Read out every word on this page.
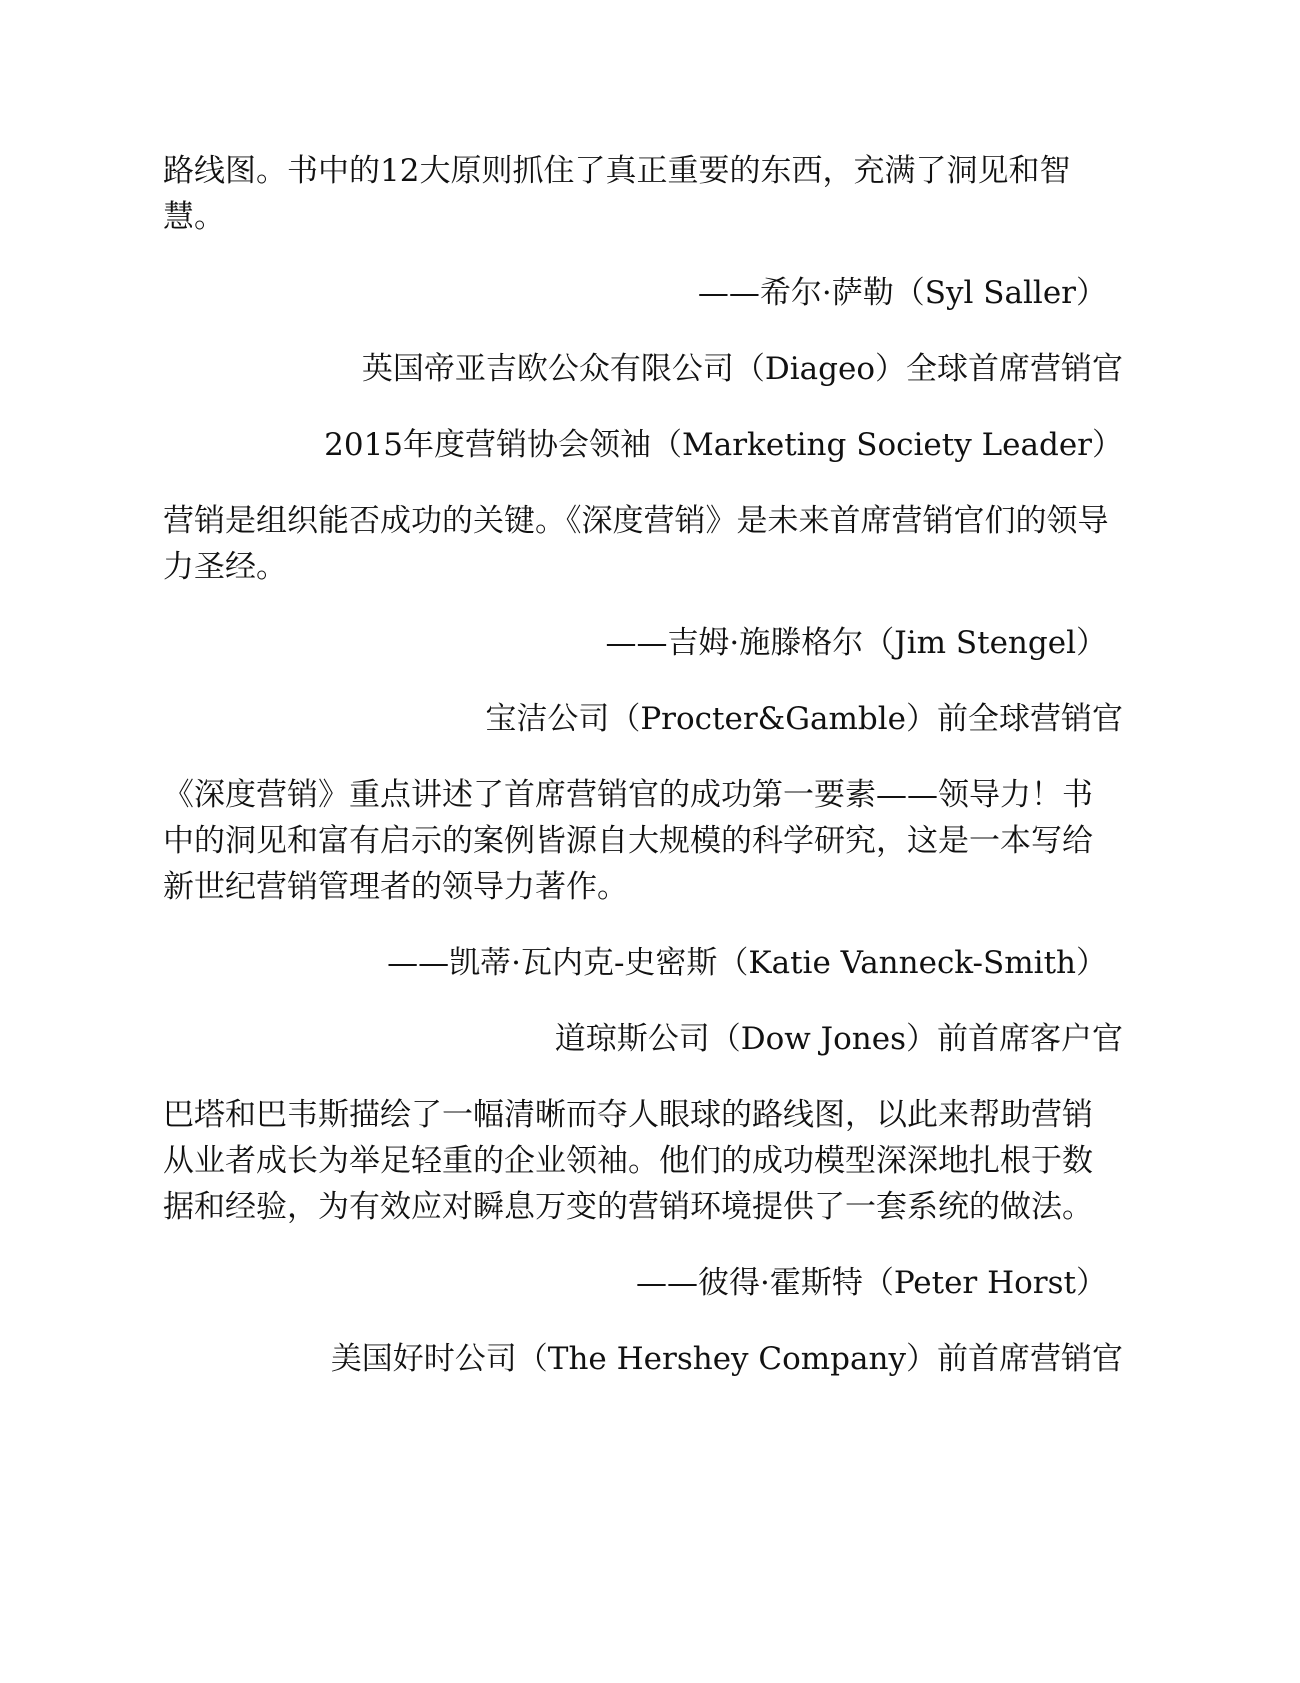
路线图。书中的12大原则抓住了真正重要的东西，充满了洞见和智慧。

——希尔·萨勒（Syl Saller）

英国帝亚吉欧公众有限公司（Diageo）全球首席营销官

2015年度营销协会领袖（Marketing Society Leader）

营销是组织能否成功的关键。《深度营销》是未来首席营销官们的领导力圣经。

——吉姆·施滕格尔（Jim Stengel）

宝洁公司（Procter&Gamble）前全球营销官

《深度营销》重点讲述了首席营销官的成功第一要素——领导力！书中的洞见和富有启示的案例皆源自大规模的科学研究，这是一本写给新世纪营销管理者的领导力著作。

——凯蒂·瓦内克-史密斯（Katie Vanneck-Smith）

道琼斯公司（Dow Jones）前首席客户官

巴塔和巴韦斯描绘了一幅清晰而夺人眼球的路线图，以此来帮助营销从业者成长为举足轻重的企业领袖。他们的成功模型深深地扎根于数据和经验，为有效应对瞬息万变的营销环境提供了一套系统的做法。

——彼得·霍斯特（Peter Horst）

美国好时公司（The Hershey Company）前首席营销官
